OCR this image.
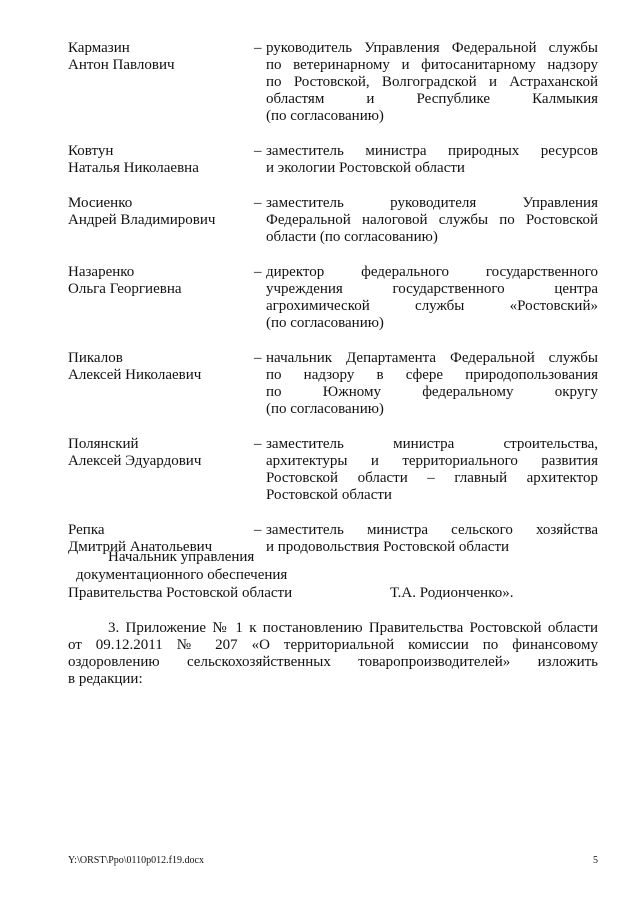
Кармазин
Антон Павлович
– руководитель Управления Федеральной службы
по ветеринарному и фитосанитарному надзору
по Ростовской, Волгоградской и Астраханской
областям и Республике Калмыкия
(по согласованию)
Ковтун
Наталья Николаевна
– заместитель министра природных ресурсов
и экологии Ростовской области
Мосиенко
Андрей Владимирович
– заместитель руководителя Управления
Федеральной налоговой службы по Ростовской
области (по согласованию)
Назаренко
Ольга Георгиевна
– директор федерального государственного
учреждения государственного центра
агрохимической службы «Ростовский»
(по согласованию)
Пикалов
Алексей Николаевич
– начальник Департамента Федеральной службы
по надзору в сфере природопользования
по Южному федеральному округу
(по согласованию)
Полянский
Алексей Эдуардович
– заместитель министра строительства,
архитектуры и территориального развития
Ростовской области – главный архитектор
Ростовской области
Репка
Дмитрий Анатольевич
– заместитель министра сельского хозяйства
и продовольствия Ростовской области
Начальник управления
документационного обеспечения
Правительства Ростовской области	Т.А. Родионченко».
3. Приложение № 1 к постановлению Правительства Ростовской области
от 09.12.2011 № 207 «О территориальной комиссии по финансовому
оздоровлению сельскохозяйственных товаропроизводителей» изложить
в редакции:
Y:\ORST\Ppo\0110p012.f19.docx	5
